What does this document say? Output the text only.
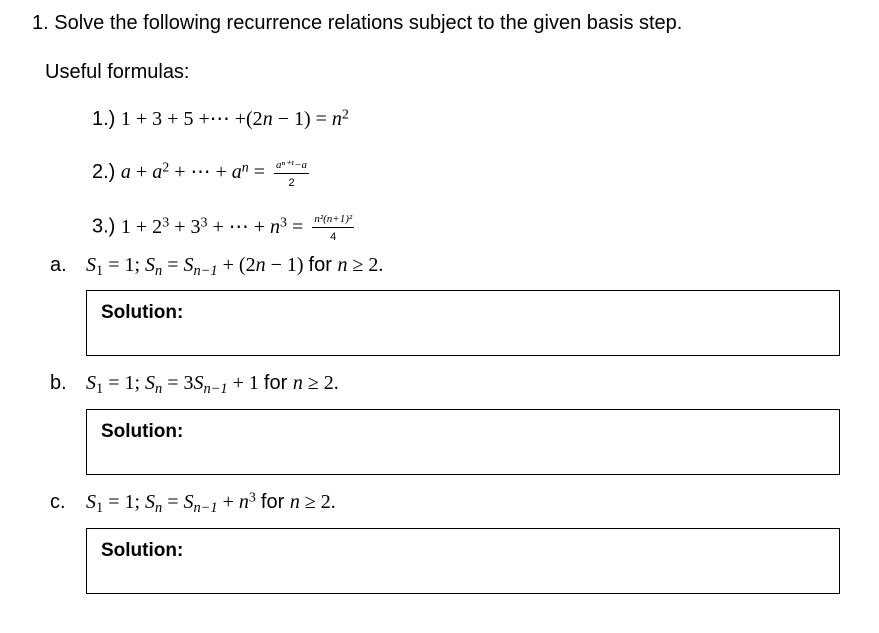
1. Solve the following recurrence relations subject to the given basis step.
Useful formulas:
1.) 1 + 3 + 5 +⋯ $+(2n - 1) = n^2$
2.) $a + a^2$ + ⋯ + $a^n = \frac{\text{aⁿ⁺¹−a}}{2}$
3.) $1 + 2^3 + 3^3$ + ⋯ + $n^3 = \frac{\text{n²(n+1)²}}{4}$
a. $S_1 = 1$; $S_n = S_{n-1} + (2n - 1)$ for n ≥ 2.
Solution:
b. $S_1 = 1$; $S_n = 3S_{n-1} + 1$ for n ≥ 2.
Solution:
c. $S_1 = 1$; $S_n = S_{n-1} + n^3$ for n ≥ 2.
Solution:
